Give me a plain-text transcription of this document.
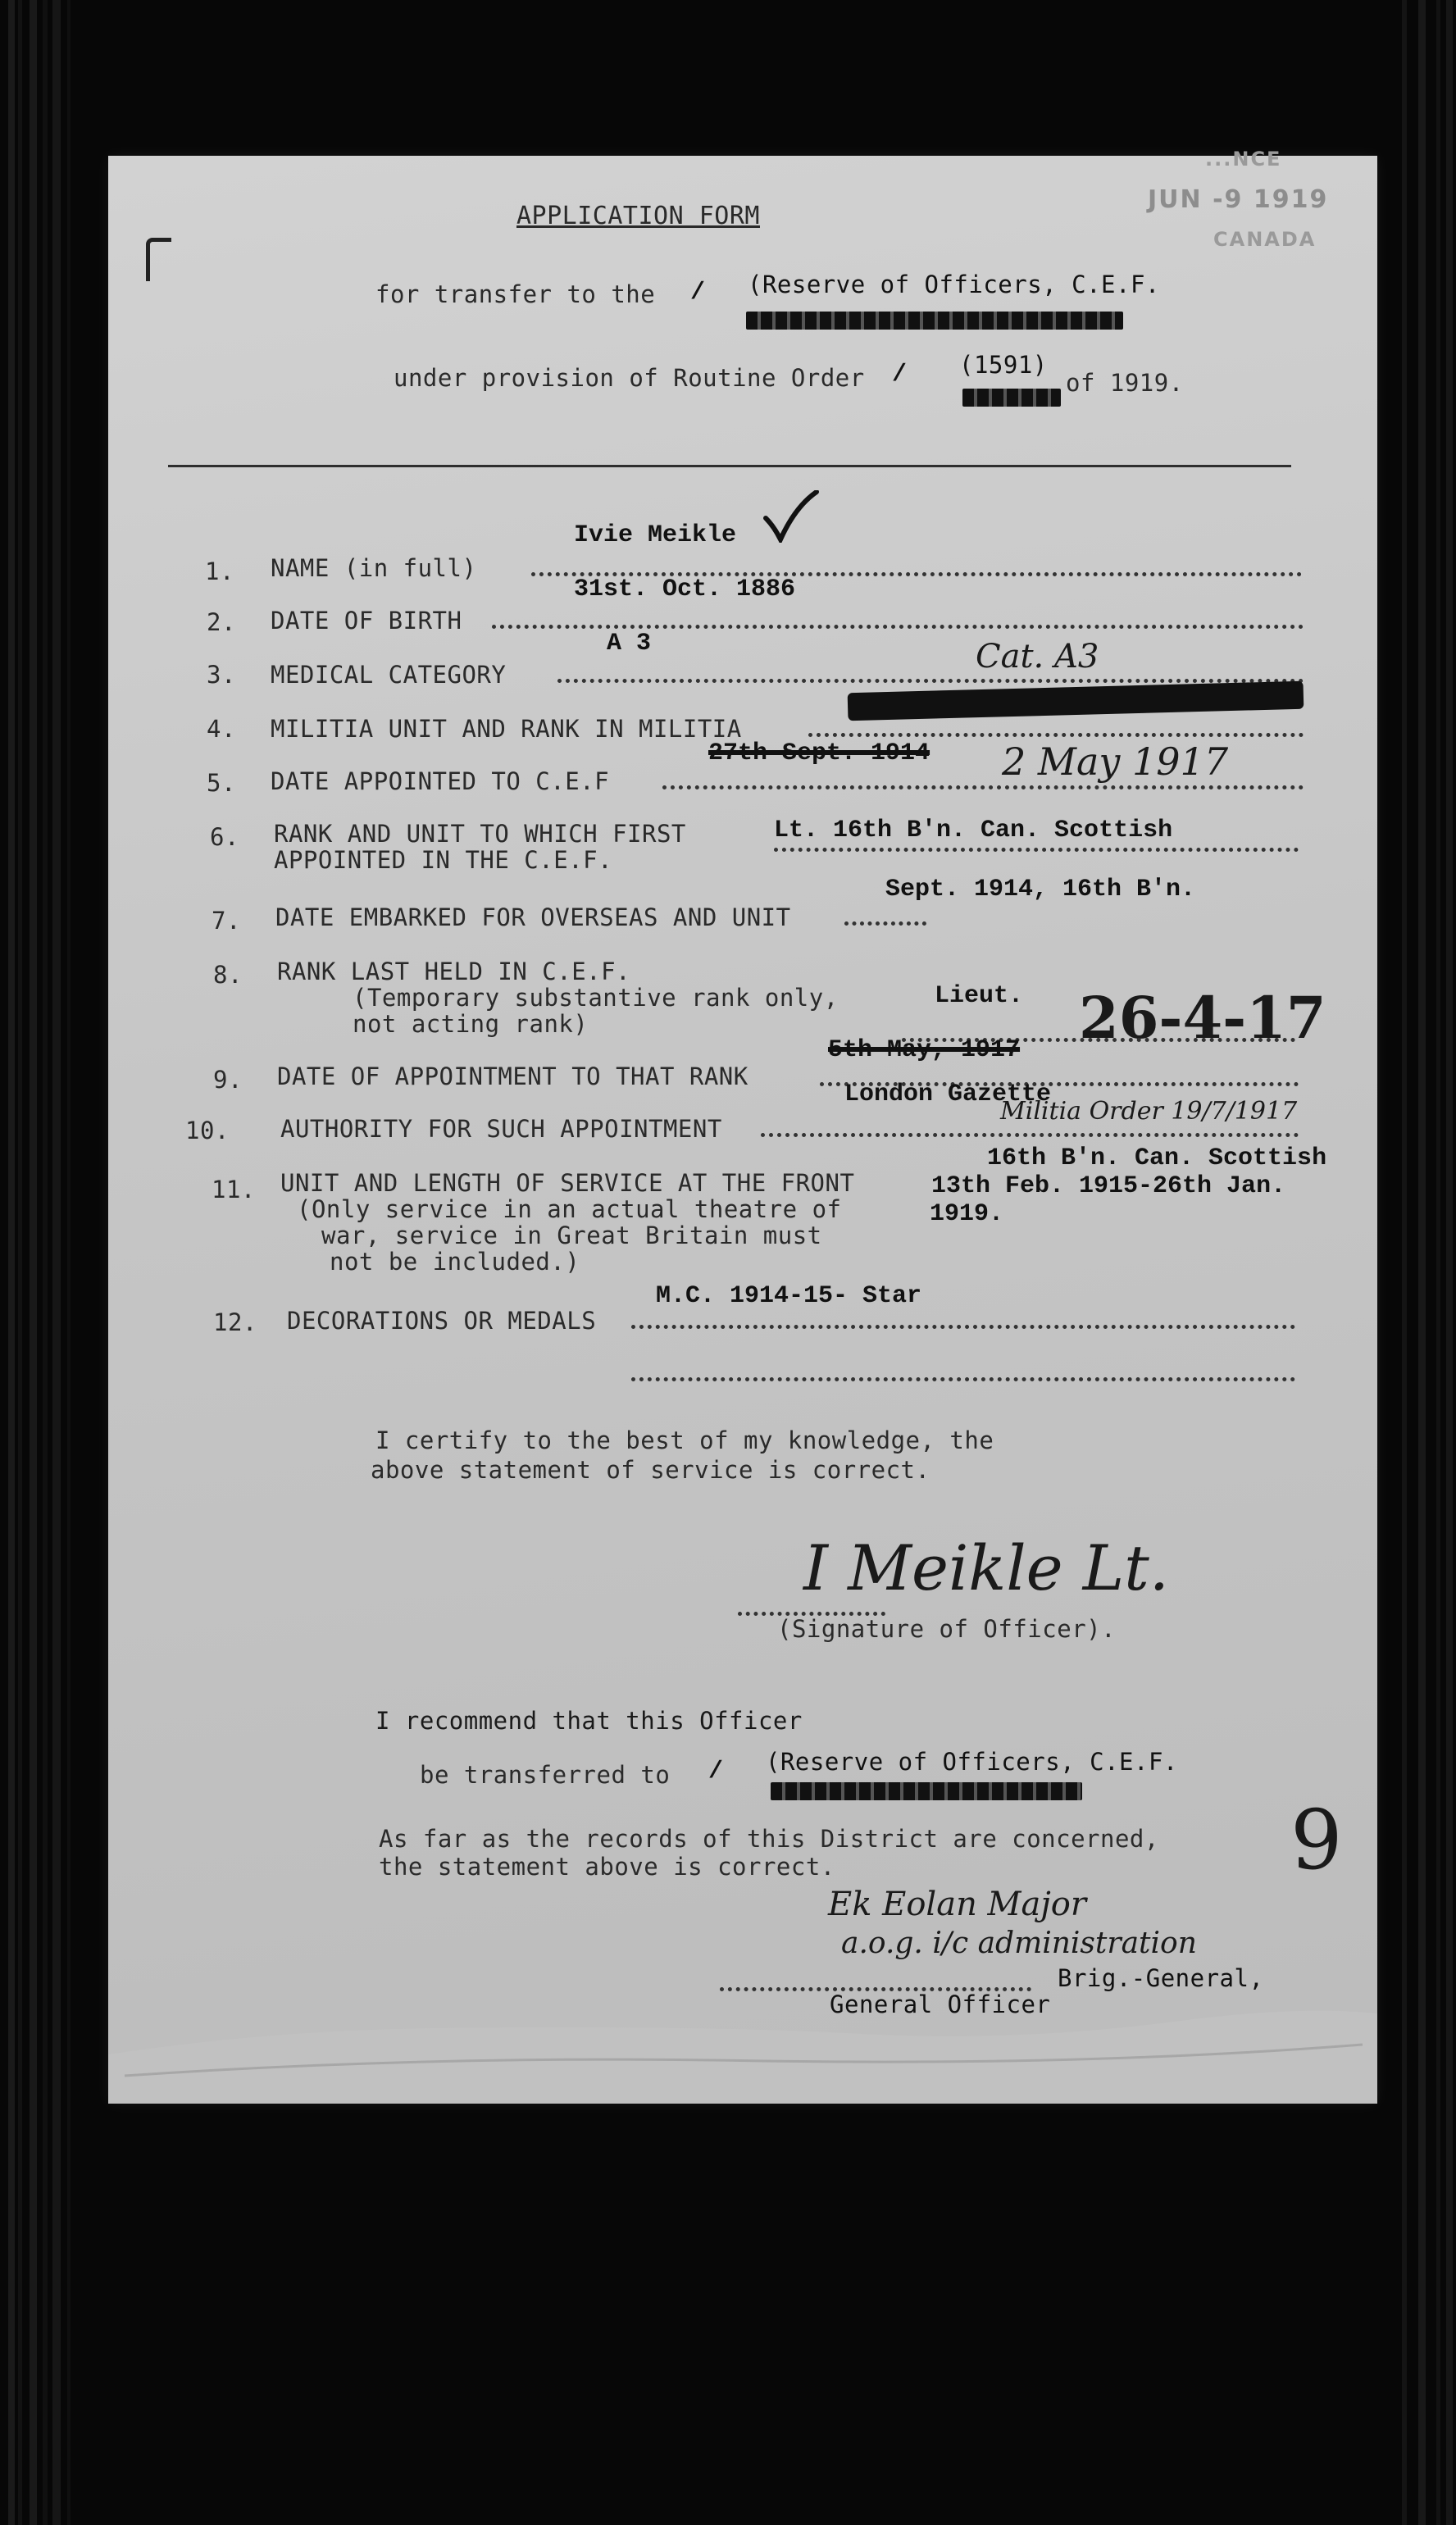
...NCE
JUN -9 1919
CANADA
APPLICATION FORM
for transfer to the / (Reserve of Officers, C.E.F.
under provision of Routine Order / (1591)
of 1919.
1. NAME (in full)
Ivie Meikle
2. DATE OF BIRTH
31st. Oct. 1886
3. MEDICAL CATEGORY
A 3	Cat. A3
4. MILITIA UNIT AND RANK IN MILITIA
5. DATE APPOINTED TO C.E.F
27th Sept. 1914 2 May 1917
6. RANK AND UNIT TO WHICH FIRST
APPOINTED IN THE C.E.F.
Lt. 16th B'n. Can. Scottish
7. DATE EMBARKED FOR OVERSEAS AND UNIT
Sept. 1914, 16th B'n.
8. RANK LAST HELD IN C.E.F.
(Temporary substantive rank only,
not acting rank)
Lieut. 26-4-17
9. DATE OF APPOINTMENT TO THAT RANK
5th May, 1917
10. AUTHORITY FOR SUCH APPOINTMENT
London Gazette
Militia Order 19/7/1917
11. UNIT AND LENGTH OF SERVICE AT THE FRONT
(Only service in an actual theatre of
war, service in Great Britain must
not be included.)
16th B'n. Can. Scottish
13th Feb. 1915-26th Jan.
1919.
12. DECORATIONS OR MEDALS
M.C. 1914-15- Star
I certify to the best of my knowledge, the
above statement of service is correct.
I Meikle Lt.
(Signature of Officer).
I recommend that this Officer
be transferred to / (Reserve of Officers, C.E.F.
As far as the records of this District are concerned,
the statement above is correct.	9
Ek Eolan Major
a.o.g. i/c administration
Brig.-General,
General Officer
